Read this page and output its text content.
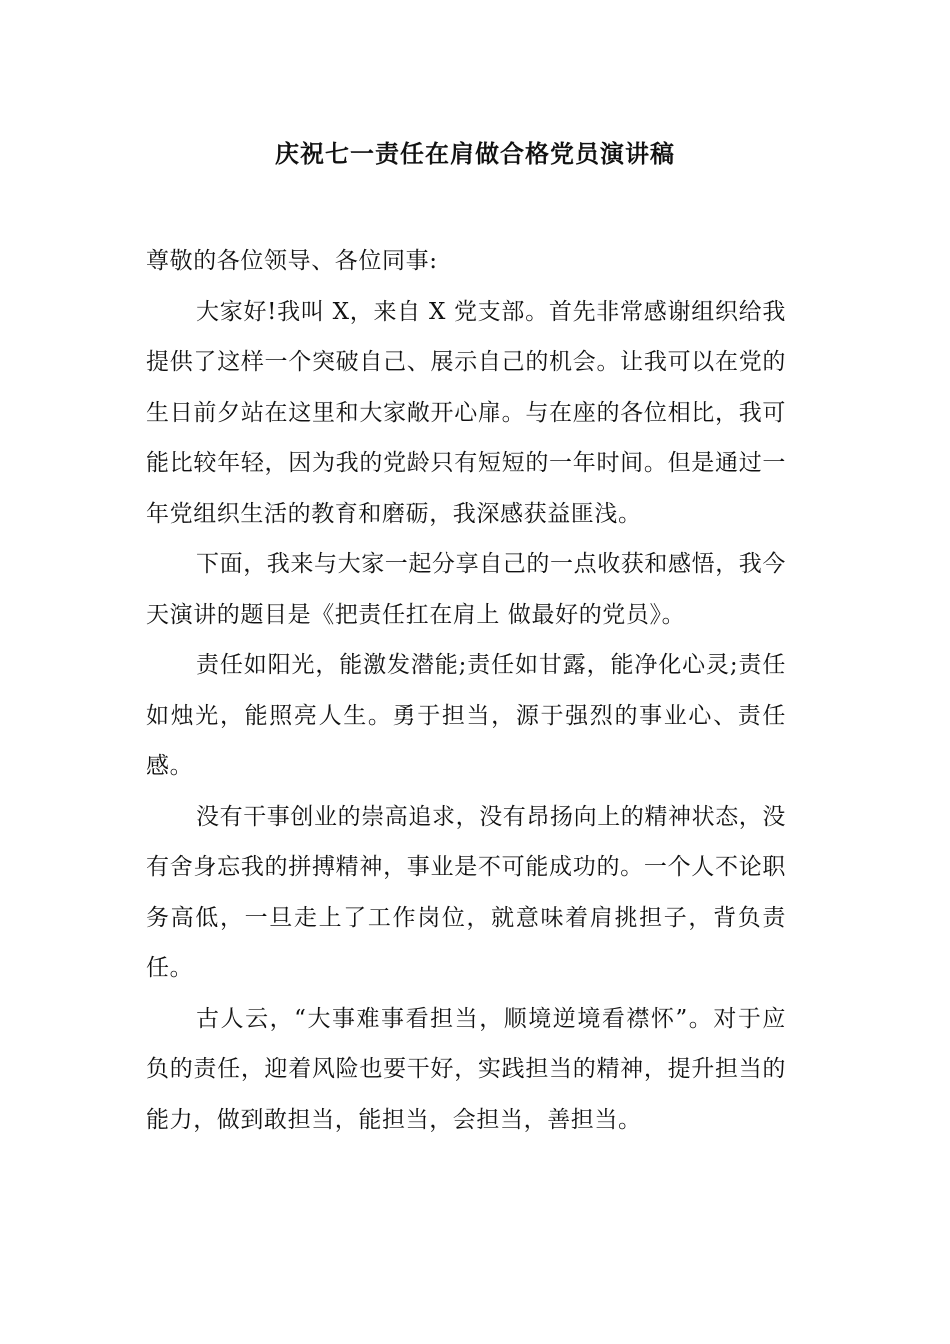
庆祝七一责任在肩做合格党员演讲稿

尊敬的各位领导、各位同事:

大家好!我叫 X，来自 X 党支部。首先非常感谢组织给我提供了这样一个突破自己、展示自己的机会。让我可以在党的生日前夕站在这里和大家敞开心扉。与在座的各位相比，我可能比较年轻，因为我的党龄只有短短的一年时间。但是通过一年党组织生活的教育和磨砺，我深感获益匪浅。

下面，我来与大家一起分享自己的一点收获和感悟，我今天演讲的题目是《把责任扛在肩上 做最好的党员》。

责任如阳光，能激发潜能;责任如甘露，能净化心灵;责任如烛光，能照亮人生。勇于担当，源于强烈的事业心、责任感。

没有干事创业的崇高追求，没有昂扬向上的精神状态，没有舍身忘我的拼搏精神，事业是不可能成功的。一个人不论职务高低，一旦走上了工作岗位，就意味着肩挑担子，背负责任。

古人云，“大事难事看担当，顺境逆境看襟怀”。对于应负的责任，迎着风险也要干好，实践担当的精神，提升担当的能力，做到敢担当，能担当，会担当，善担当。
